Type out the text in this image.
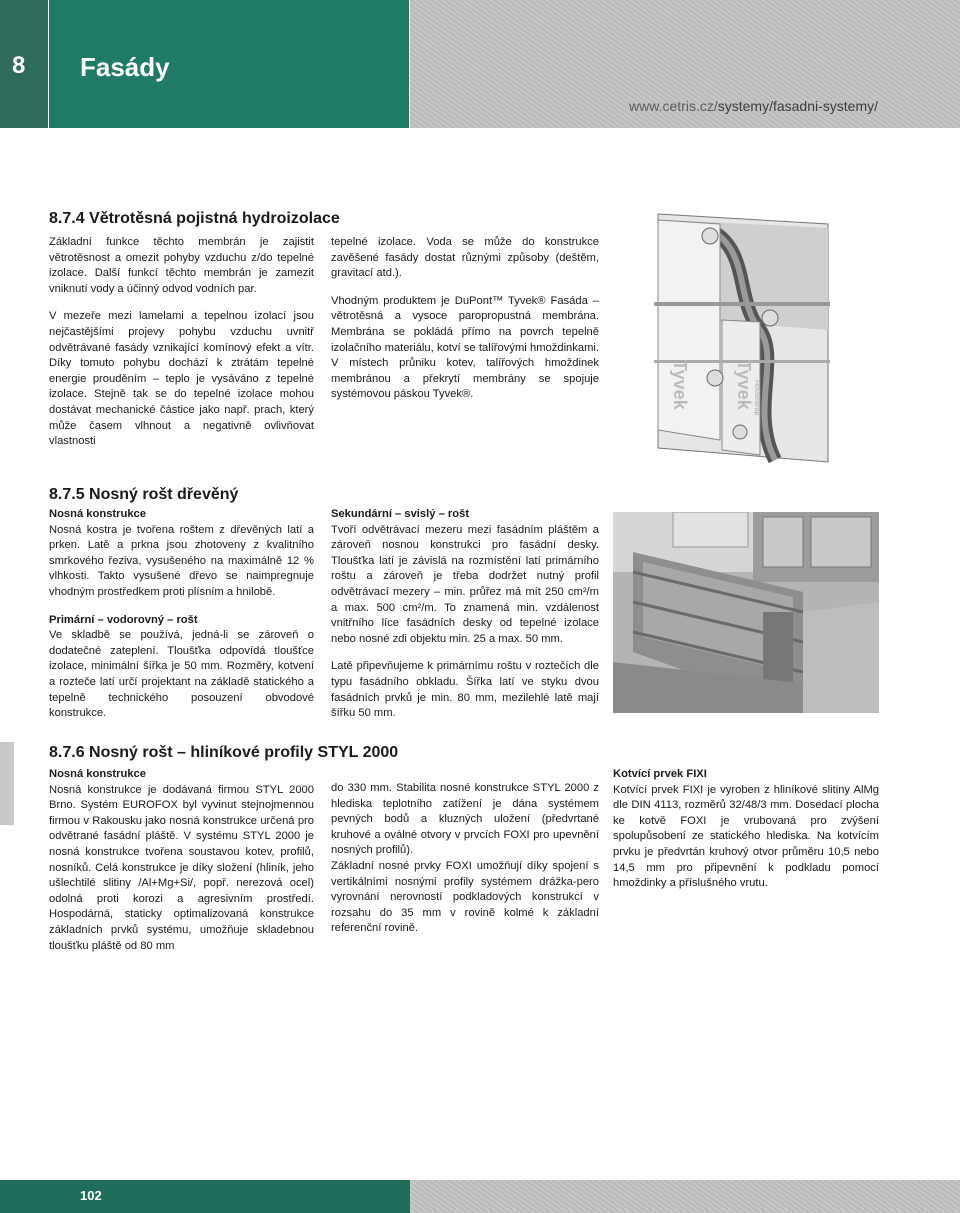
8 Fasády
www.cetris.cz/systemy/fasadni-systemy/
8.7.4 Větrotěsná pojistná hydroizolace

Základní funkce těchto membrán je zajistit větrotěsnost a omezit pohyby vzduchu z/do tepelné izolace. Další funkcí těchto membrán je zamezit vniknutí vody a účinný odvod vodních par.

V mezeře mezi lamelami a tepelnou izolací jsou nejčastějšími projevy pohybu vzduchu uvnitř odvětrávané fasády vznikající komínový efekt a vítr. Díky tomuto pohybu dochází k ztrátám tepelné energie prouděním – teplo je vysáváno z tepelné izolace. Stejně tak se do tepelné izolace mohou dostávat mechanické částice jako např. prach, který může časem vlhnout a negativně ovlivňovat vlastnosti

tepelné izolace. Voda se může do konstrukce zavěšené fasády dostat různými způsoby (deštěm, gravitací atd.).

Vhodným produktem je DuPont™ Tyvek® Fasáda – větrotěsná a vysoce paropropustná membrána. Membrána se pokládá přímo na povrch tepelně izolačního materiálu, kotví se talířovými hmoždinkami. V místech průniku kotev, talířových hmoždinek membránou a překrytí membrány se spojuje systémovou páskou Tyvek®.	Tyvek Tyvek Housewrap
8.7.5 Nosný rošt dřevěný

Nosná konstrukce
Nosná kostra je tvořena roštem z dřevěných latí a prken. Latě a prkna jsou zhotoveny z kvalitního smrkového řeziva, vysušeného na maximálně 12 % vlhkosti. Takto vysušené dřevo se naimpregnuje vhodným prostředkem proti plísním a hnilobě.

Primární – vodorovný – rošt
Ve skladbě se používá, jedná-li se zároveň o dodatečné zateplení. Tloušťka odpovídá tloušťce izolace, minimální šířka je 50 mm. Rozměry, kotvení a rozteče latí určí projektant na základě statického a tepelně technického posouzení obvodové konstrukce.

Sekundární – svislý – rošt
Tvoří odvětrávací mezeru mezi fasádním pláštěm a zároveň nosnou konstrukci pro fasádní desky. Tloušťka latí je závislá na rozmístění latí primárního roštu a zároveň je třeba dodržet nutný profil odvětrávací mezery – min. průřez má mít 250 cm²/m a max. 500 cm²/m. To znamená min. vzdálenost vnitřního líce fasádních desky od tepelné izolace nebo nosné zdi objektu min. 25 a max. 50 mm.

Latě připevňujeme k primárnímu roštu v roztečích dle typu fasádního obkladu. Šířka latí ve styku dvou fasádních prvků je min. 80 mm, mezilehlé latě mají šířku 50 mm.

8.7.6 Nosný rošt – hliníkové profily STYL 2000

Nosná konstrukce
Nosná konstrukce je dodávaná firmou STYL 2000 Brno. Systém EUROFOX byl vyvinut stejnojmennou firmou v Rakousku jako nosná konstrukce určená pro odvětrané fasádní pláště. V systému STYL 2000 je nosná konstrukce tvořena soustavou kotev, profilů, nosníků. Celá konstrukce je díky složení (hliník, jeho ušlechtilé slitiny /Al+Mg+Si/, popř. nerezová ocel) odolná proti korozi a agresivním prostředí. Hospodárná, staticky optimalizovaná konstrukce základních prvků systému, umožňuje skladebnou tloušťku pláště od 80 mm

do 330 mm. Stabilita nosné konstrukce STYL 2000 z hlediska teplotního zatížení je dána systémem pevných bodů a kluzných uložení (předvrtané kruhové a oválné otvory v prvcích FOXI pro upevnění nosných profilů).

Základní nosné prvky FOXI umožňují díky spojení s vertikálními nosnými profily systémem drážka-pero vyrovnání nerovností podkladových konstrukcí v rozsahu do 35 mm v rovině kolmé k základní referenční rovině.

Kotvící prvek FIXI
Kotvící prvek FIXI je vyroben z hliníkové slitiny AlMg dle DIN 4113, rozměrů 32/48/3 mm. Dosedací plocha ke kotvě FOXI je vrubovaná pro zvýšení spolupůsobení ze statického hlediska. Na kotvícím prvku je předvrtán kruhový otvor průměru 10,5 nebo 14,5 mm pro připevnění k podkladu pomocí hmoždinky a příslušného vrutu.

102
